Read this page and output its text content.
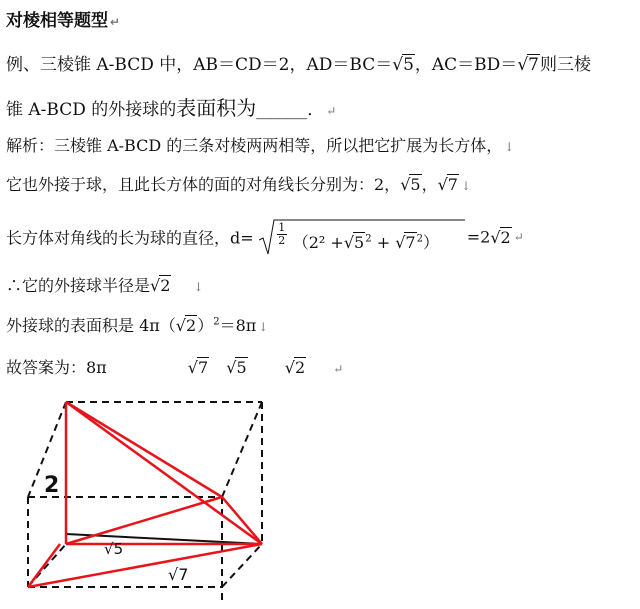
对棱相等题型 ↵
例、三棱锥 A-BCD 中，AB＝CD＝2，AD＝BC＝√5，AC＝BD＝√7则三棱
锥 A-BCD 的外接球的表面积为______． ↵
解析：三棱锥 A-BCD 的三条对棱两两相等，所以把它扩展为长方体， ↓
它也外接于球，且此长方体的面的对角线长分别为：2，√5，√7 ↓
长方体对角线的长为球的直径，$d= \frac{1}{2} (2^2 +√5^2 + √7^2) =2√2$ ↵
∴它的外接球半径是√2 ↓
外接球的表面积是 $4\pi(√2)^2=8\pi$ ↓
故答案为：8π	√7 √5 √2 ↵
2
√5
√7
